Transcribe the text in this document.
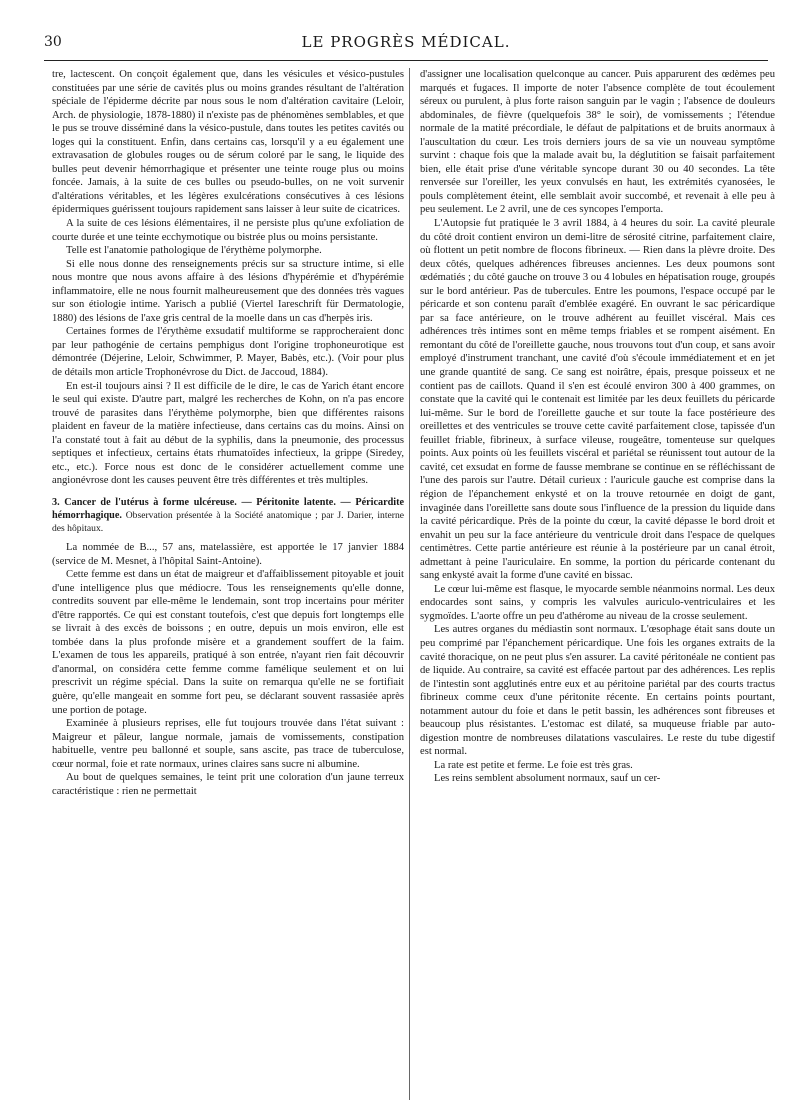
30	LE PROGRÈS MÉDICAL.

tre, lactescent. On conçoit également que, dans les vésicules et vésico-pustules constituées par une série de cavités plus ou moins grandes résultant de l'altération spéciale de l'épiderme décrite par nous sous le nom d'altération cavitaire (Leloir, Arch. de physiologie, 1878-1880) il n'existe pas de phénomènes semblables, et que le pus se trouve disséminé dans la vésico-pustule, dans toutes les petites cavités ou loges qui la constituent. Enfin, dans certains cas, lorsqu'il y a eu également une extravasation de globules rouges ou de sérum coloré par le sang, le liquide des bulles peut devenir hémorrhagique et présenter une teinte rouge plus ou moins foncée. Jamais, à la suite de ces bulles ou pseudo-bulles, on ne voit survenir d'altérations véritables, et les légères exulcérations consécutives à ces lésions épidermiques guérissent toujours rapidement sans laisser à leur suite de cicatrices.

A la suite de ces lésions élémentaires, il ne persiste plus qu'une exfoliation de courte durée et une teinte ecchymotique ou bistrée plus ou moins persistante.

Telle est l'anatomie pathologique de l'érythème polymorphe.

Si elle nous donne des renseignements précis sur sa structure intime, si elle nous montre que nous avons affaire à des lésions d'hypérémie et d'hypérémie inflammatoire, elle ne nous fournit malheureusement que des données très vagues sur son étiologie intime. Yarisch a publié (Viertel Iareschrift für Dermatologie, 1880) des lésions de l'axe gris central de la moelle dans un cas d'herpès iris.

Certaines formes de l'érythème exsudatif multiforme se rapprocheraient donc par leur pathogénie de certains pemphigus dont l'origine trophoneurotique est démontrée (Déjerine, Leloir, Schwimmer, P. Mayer, Babès, etc.). (Voir pour plus de détails mon article Trophonévrose du Dict. de Jaccoud, 1884).

En est-il toujours ainsi ? Il est difficile de le dire, le cas de Yarich étant encore le seul qui existe. D'autre part, malgré les recherches de Kohn, on n'a pas encore trouvé de parasites dans l'érythème polymorphe, bien que différentes raisons plaident en faveur de la matière infectieuse, dans certains cas du moins. Ainsi on l'a constaté tout à fait au début de la syphilis, dans la pneumonie, des processus septiques et infectieux, certains états rhumatoïdes infectieux, la grippe (Siredey, etc., etc.). Force nous est donc de le considérer actuellement comme une angionévrose dont les causes peuvent être très différentes et très multiples.

3. Cancer de l'utérus à forme ulcéreuse. — Péritonite latente. — Péricardite hémorrhagique. Observation présentée à la Société anatomique ; par J. Darier, interne des hôpitaux.

La nommée de B..., 57 ans, matelassière, est apportée le 17 janvier 1884 (service de M. Mesnet, à l'hôpital Saint-Antoine).

Cette femme est dans un état de maigreur et d'affaiblissement pitoyable et jouit d'une intelligence plus que médiocre. Tous les renseignements qu'elle donne, contredits souvent par elle-même le lendemain, sont trop incertains pour mériter d'être rapportés. Ce qui est constant toutefois, c'est que depuis fort longtemps elle se livrait à des excès de boissons ; en outre, depuis un mois environ, elle est tombée dans la plus profonde misère et a grandement souffert de la faim. L'examen de tous les appareils, pratiqué à son entrée, n'ayant rien fait découvrir d'anormal, on considéra cette femme comme famélique seulement et on lui prescrivit un régime spécial. Dans la suite on remarqua qu'elle ne se fortifiait guère, qu'elle mangeait en somme fort peu, se déclarant souvent rassasiée après une portion de potage.

Examinée à plusieurs reprises, elle fut toujours trouvée dans l'état suivant : Maigreur et pâleur, langue normale, jamais de vomissements, constipation habituelle, ventre peu ballonné et souple, sans ascite, pas trace de tuberculose, cœur normal, foie et rate normaux, urines claires sans sucre ni albumine.

Au bout de quelques semaines, le teint prit une coloration d'un jaune terreux caractéristique : rien ne permettait

d'assigner une localisation quelconque au cancer. Puis apparurent des œdèmes peu marqués et fugaces. Il importe de noter l'absence complète de tout écoulement séreux ou purulent, à plus forte raison sanguin par le vagin ; l'absence de douleurs abdominales, de fièvre (quelquefois 38° le soir), de vomissements ; l'étendue normale de la matité précordiale, le défaut de palpitations et de bruits anormaux à l'auscultation du cœur. Les trois derniers jours de sa vie un nouveau symptôme survint : chaque fois que la malade avait bu, la déglutition se faisait parfaitement bien, elle était prise d'une véritable syncope durant 30 ou 40 secondes. La tête renversée sur l'oreiller, les yeux convulsés en haut, les extrémités cyanosées, le pouls complètement éteint, elle semblait avoir succombé, et revenait à elle peu à peu seulement. Le 2 avril, une de ces syncopes l'emporta.

L'Autopsie fut pratiquée le 3 avril 1884, à 4 heures du soir. La cavité pleurale du côté droit contient environ un demi-litre de sérosité citrine, parfaitement claire, où flottent un petit nombre de flocons fibrineux. — Rien dans la plèvre droite. Des deux côtés, quelques adhérences fibreuses anciennes. Les deux poumons sont œdématiés ; du côté gauche on trouve 3 ou 4 lobules en hépatisation rouge, groupés sur le bord antérieur. Pas de tubercules. Entre les poumons, l'espace occupé par le péricarde et son contenu paraît d'emblée exagéré. En ouvrant le sac péricardique par sa face antérieure, on le trouve adhérent au feuillet viscéral. Mais ces adhérences très intimes sont en même temps friables et se rompent aisément. En remontant du côté de l'oreillette gauche, nous trouvons tout d'un coup, et sans avoir employé d'instrument tranchant, une cavité d'où s'écoule immédiatement et en jet une grande quantité de sang. Ce sang est noirâtre, épais, presque poisseux et ne contient pas de caillots. Quand il s'en est écoulé environ 300 à 400 grammes, on constate que la cavité qui le contenait est limitée par les deux feuillets du péricarde lui-même. Sur le bord de l'oreillette gauche et sur toute la face postérieure des oreillettes et des ventricules se trouve cette cavité parfaitement close, tapissée d'un feuillet friable, fibrineux, à surface vileuse, rougeâtre, tomenteuse sur quelques points. Aux points où les feuillets viscéral et pariétal se réunissent tout autour de la cavité, cet exsudat en forme de fausse membrane se continue en se réfléchissant de l'une des parois sur l'autre. Détail curieux : l'auricule gauche est comprise dans la région de l'épanchement enkysté et on la trouve retournée en doigt de gant, invaginée dans l'oreillette sans doute sous l'influence de la pression du liquide dans la cavité péricardique. Près de la pointe du cœur, la cavité dépasse le bord droit et envahit un peu sur la face antérieure du ventricule droit dans l'espace de quelques centimètres. Cette partie antérieure est réunie à la postérieure par un canal étroit, admettant à peine l'auriculaire. En somme, la portion du péricarde contenant du sang enkysté avait la forme d'une cavité en bissac.

Le cœur lui-même est flasque, le myocarde semble néanmoins normal. Les deux endocardes sont sains, y compris les valvules auriculo-ventriculaires et les sygmoïdes. L'aorte offre un peu d'athérome au niveau de la crosse seulement.

Les autres organes du médiastin sont normaux. L'œsophage était sans doute un peu comprimé par l'épanchement péricardique. Une fois les organes extraits de la cavité thoracique, on ne peut plus s'en assurer. La cavité péritonéale ne contient pas de liquide. Au contraire, sa cavité est effacée partout par des adhérences. Les replis de l'intestin sont agglutinés entre eux et au péritoine pariétal par des courts tractus fibrineux comme ceux d'une péritonite récente. En certains points pourtant, notamment autour du foie et dans le petit bassin, les adhérences sont fibreuses et beaucoup plus résistantes. L'estomac est dilaté, sa muqueuse friable par auto-digestion montre de nombreuses dilatations vasculaires. Le reste du tube digestif est normal.

La rate est petite et ferme. Le foie est très gras.

Les reins semblent absolument normaux, sauf un cer-
